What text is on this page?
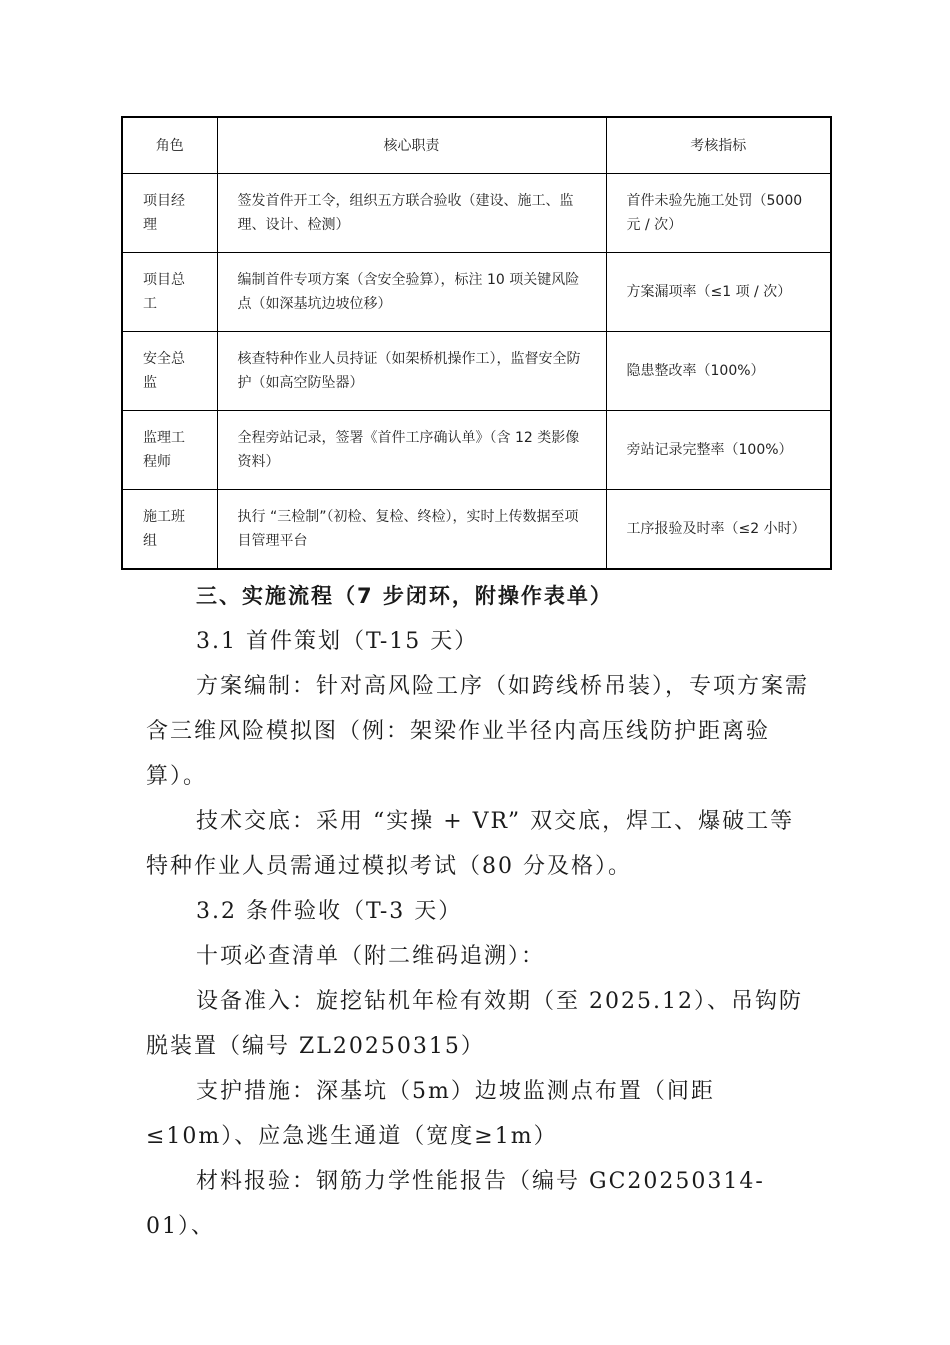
角色	核心职责	考核指标
项目经理	签发首件开工令，组织五方联合验收（建设、施工、监理、设计、检测）	首件未验先施工处罚（5000 元 / 次）
项目总工	编制首件专项方案（含安全验算），标注 10 项关键风险点（如深基坑边坡位移）	方案漏项率（≤1 项 / 次）
安全总监	核查特种作业人员持证（如架桥机操作工），监督安全防护（如高空防坠器）	隐患整改率（100%）
监理工程师	全程旁站记录，签署《首件工序确认单》（含 12 类影像资料）	旁站记录完整率（100%）
施工班组	执行 “三检制”（初检、复检、终检），实时上传数据至项目管理平台	工序报验及时率（≤2 小时）

三、实施流程（7 步闭环，附操作表单）

3.1 首件策划（T-15 天）

方案编制：针对高风险工序（如跨线桥吊装），专项方案需含三维风险模拟图（例：架梁作业半径内高压线防护距离验算）。

技术交底：采用 “实操 + VR” 双交底，焊工、爆破工等特种作业人员需通过模拟考试（80 分及格）。

3.2 条件验收（T-3 天）

十项必查清单（附二维码追溯）：

设备准入：旋挖钻机年检有效期（至 2025.12）、吊钩防脱装置（编号 ZL20250315）

支护措施：深基坑（5m）边坡监测点布置（间距≤10m）、应急逃生通道（宽度≥1m）

材料报验：钢筋力学性能报告（编号 GC20250314-01）、
